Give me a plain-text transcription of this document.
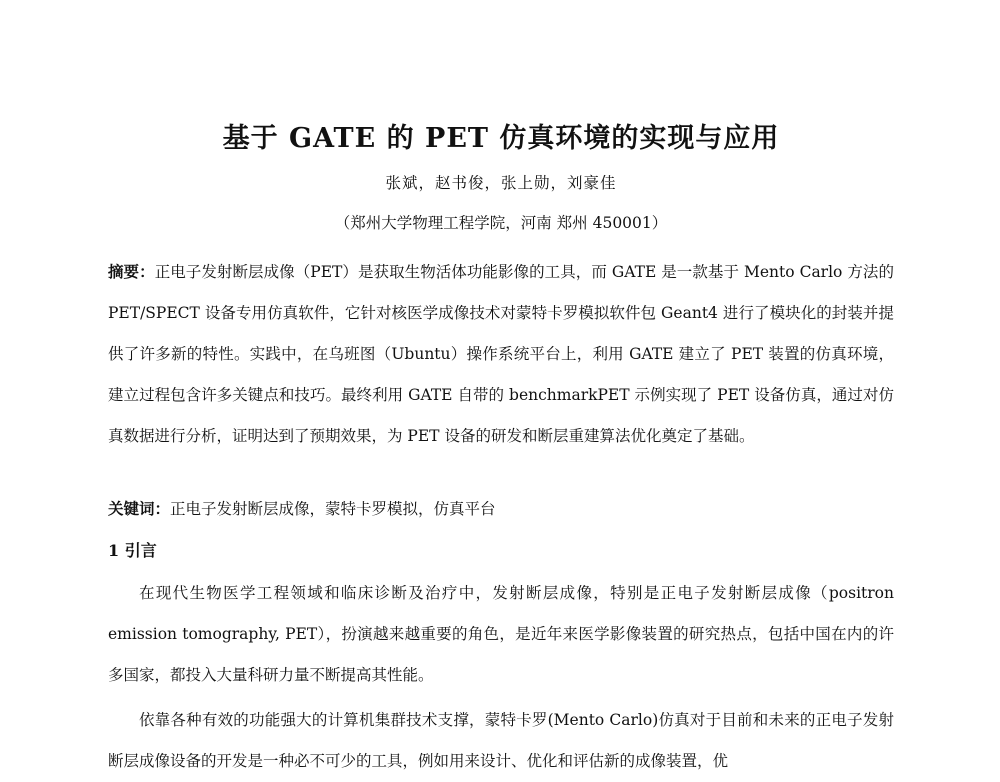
基于 GATE 的 PET 仿真环境的实现与应用

张斌，赵书俊，张上勋，刘豪佳

（郑州大学物理工程学院，河南 郑州 450001）

摘要：正电子发射断层成像（PET）是获取生物活体功能影像的工具，而 GATE 是一款基于 Mento Carlo 方法的 PET/SPECT 设备专用仿真软件，它针对核医学成像技术对蒙特卡罗模拟软件包 Geant4 进行了模块化的封装并提供了许多新的特性。实践中，在乌班图（Ubuntu）操作系统平台上，利用 GATE 建立了 PET 装置的仿真环境，建立过程包含许多关键点和技巧。最终利用 GATE 自带的 benchmarkPET 示例实现了 PET 设备仿真，通过对仿真数据进行分析，证明达到了预期效果，为 PET 设备的研发和断层重建算法优化奠定了基础。

关键词：正电子发射断层成像，蒙特卡罗模拟，仿真平台

1 引言

在现代生物医学工程领域和临床诊断及治疗中，发射断层成像，特别是正电子发射断层成像（positron emission tomography, PET），扮演越来越重要的角色，是近年来医学影像装置的研究热点，包括中国在内的许多国家，都投入大量科研力量不断提高其性能。

依靠各种有效的功能强大的计算机集群技术支撑，蒙特卡罗(Mento Carlo)仿真对于目前和未来的正电子发射断层成像设备的开发是一种必不可少的工具，例如用来设计、优化和评估新的成像装置，优
